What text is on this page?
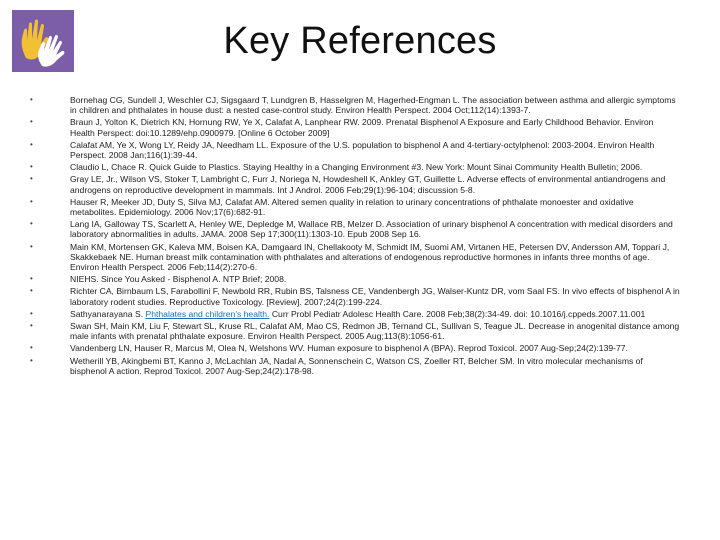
Key References
•	Bornehag CG, Sundell J, Weschler CJ, Sigsgaard T, Lundgren B, Hasselgren M, Hagerhed-Engman L. The association between asthma and allergic symptoms in children and phthalates in house dust: a nested case-control study. Environ Health Perspect. 2004 Oct;112(14):1393-7.
•	Braun J, Yolton K, Dietrich KN, Hornung RW, Ye X, Calafat A, Lanphear RW. 2009. Prenatal Bisphenol A Exposure and Early Childhood Behavior. Environ Health Perspect: doi:10.1289/ehp.0900979. [Online 6 October 2009]
•	Calafat AM, Ye X, Wong LY, Reidy JA, Needham LL. Exposure of the U.S. population to bisphenol A and 4-tertiary-octylphenol: 2003-2004. Environ Health Perspect. 2008 Jan;116(1):39-44.
•	Claudio L, Chace R. Quick Guide to Plastics. Staying Healthy in a Changing Environment #3. New York: Mount Sinai Community Health Bulletin; 2006.
•	Gray LE, Jr., Wilson VS, Stoker T, Lambright C, Furr J, Noriega N, Howdeshell K, Ankley GT, Guillette L. Adverse effects of environmental antiandrogens and androgens on reproductive development in mammals. Int J Androl. 2006 Feb;29(1):96-104; discussion 5-8.
•	Hauser R, Meeker JD, Duty S, Silva MJ, Calafat AM. Altered semen quality in relation to urinary concentrations of phthalate monoester and oxidative metabolites. Epidemiology. 2006 Nov;17(6):682-91.
•	Lang IA, Galloway TS, Scarlett A, Henley WE, Depledge M, Wallace RB, Melzer D. Association of urinary bisphenol A concentration with medical disorders and laboratory abnormalities in adults. JAMA. 2008 Sep 17;300(11):1303-10. Epub 2008 Sep 16.
•	Main KM, Mortensen GK, Kaleva MM, Boisen KA, Damgaard IN, Chellakooty M, Schmidt IM, Suomi AM, Virtanen HE, Petersen DV, Andersson AM, Toppari J, Skakkebaek NE. Human breast milk contamination with phthalates and alterations of endogenous reproductive hormones in infants three months of age. Environ Health Perspect. 2006 Feb;114(2):270-6.
•	NIEHS. Since You Asked - Bisphenol A. NTP Brief; 2008.
•	Richter CA, Birnbaum LS, Farabollini F, Newbold RR, Rubin BS, Talsness CE, Vandenbergh JG, Walser-Kuntz DR, vom Saal FS. In vivo effects of bisphenol A in laboratory rodent studies. Reproductive Toxicology. [Review]. 2007;24(2):199-224.
•	Sathyanarayana S. Phthalates and children's health. Curr Probl Pediatr Adolesc Health Care. 2008 Feb;38(2):34-49. doi: 10.1016/j.cppeds.2007.11.001
•	Swan SH, Main KM, Liu F, Stewart SL, Kruse RL, Calafat AM, Mao CS, Redmon JB, Ternand CL, Sullivan S, Teague JL. Decrease in anogenital distance among male infants with prenatal phthalate exposure. Environ Health Perspect. 2005 Aug;113(8):1056-61.
•	Vandenberg LN, Hauser R, Marcus M, Olea N, Welshons WV. Human exposure to bisphenol A (BPA). Reprod Toxicol. 2007 Aug-Sep;24(2):139-77.
•	Wetherill YB, Akingbemi BT, Kanno J, McLachlan JA, Nadal A, Sonnenschein C, Watson CS, Zoeller RT, Belcher SM. In vitro molecular mechanisms of bisphenol A action. Reprod Toxicol. 2007 Aug-Sep;24(2):178-98.
